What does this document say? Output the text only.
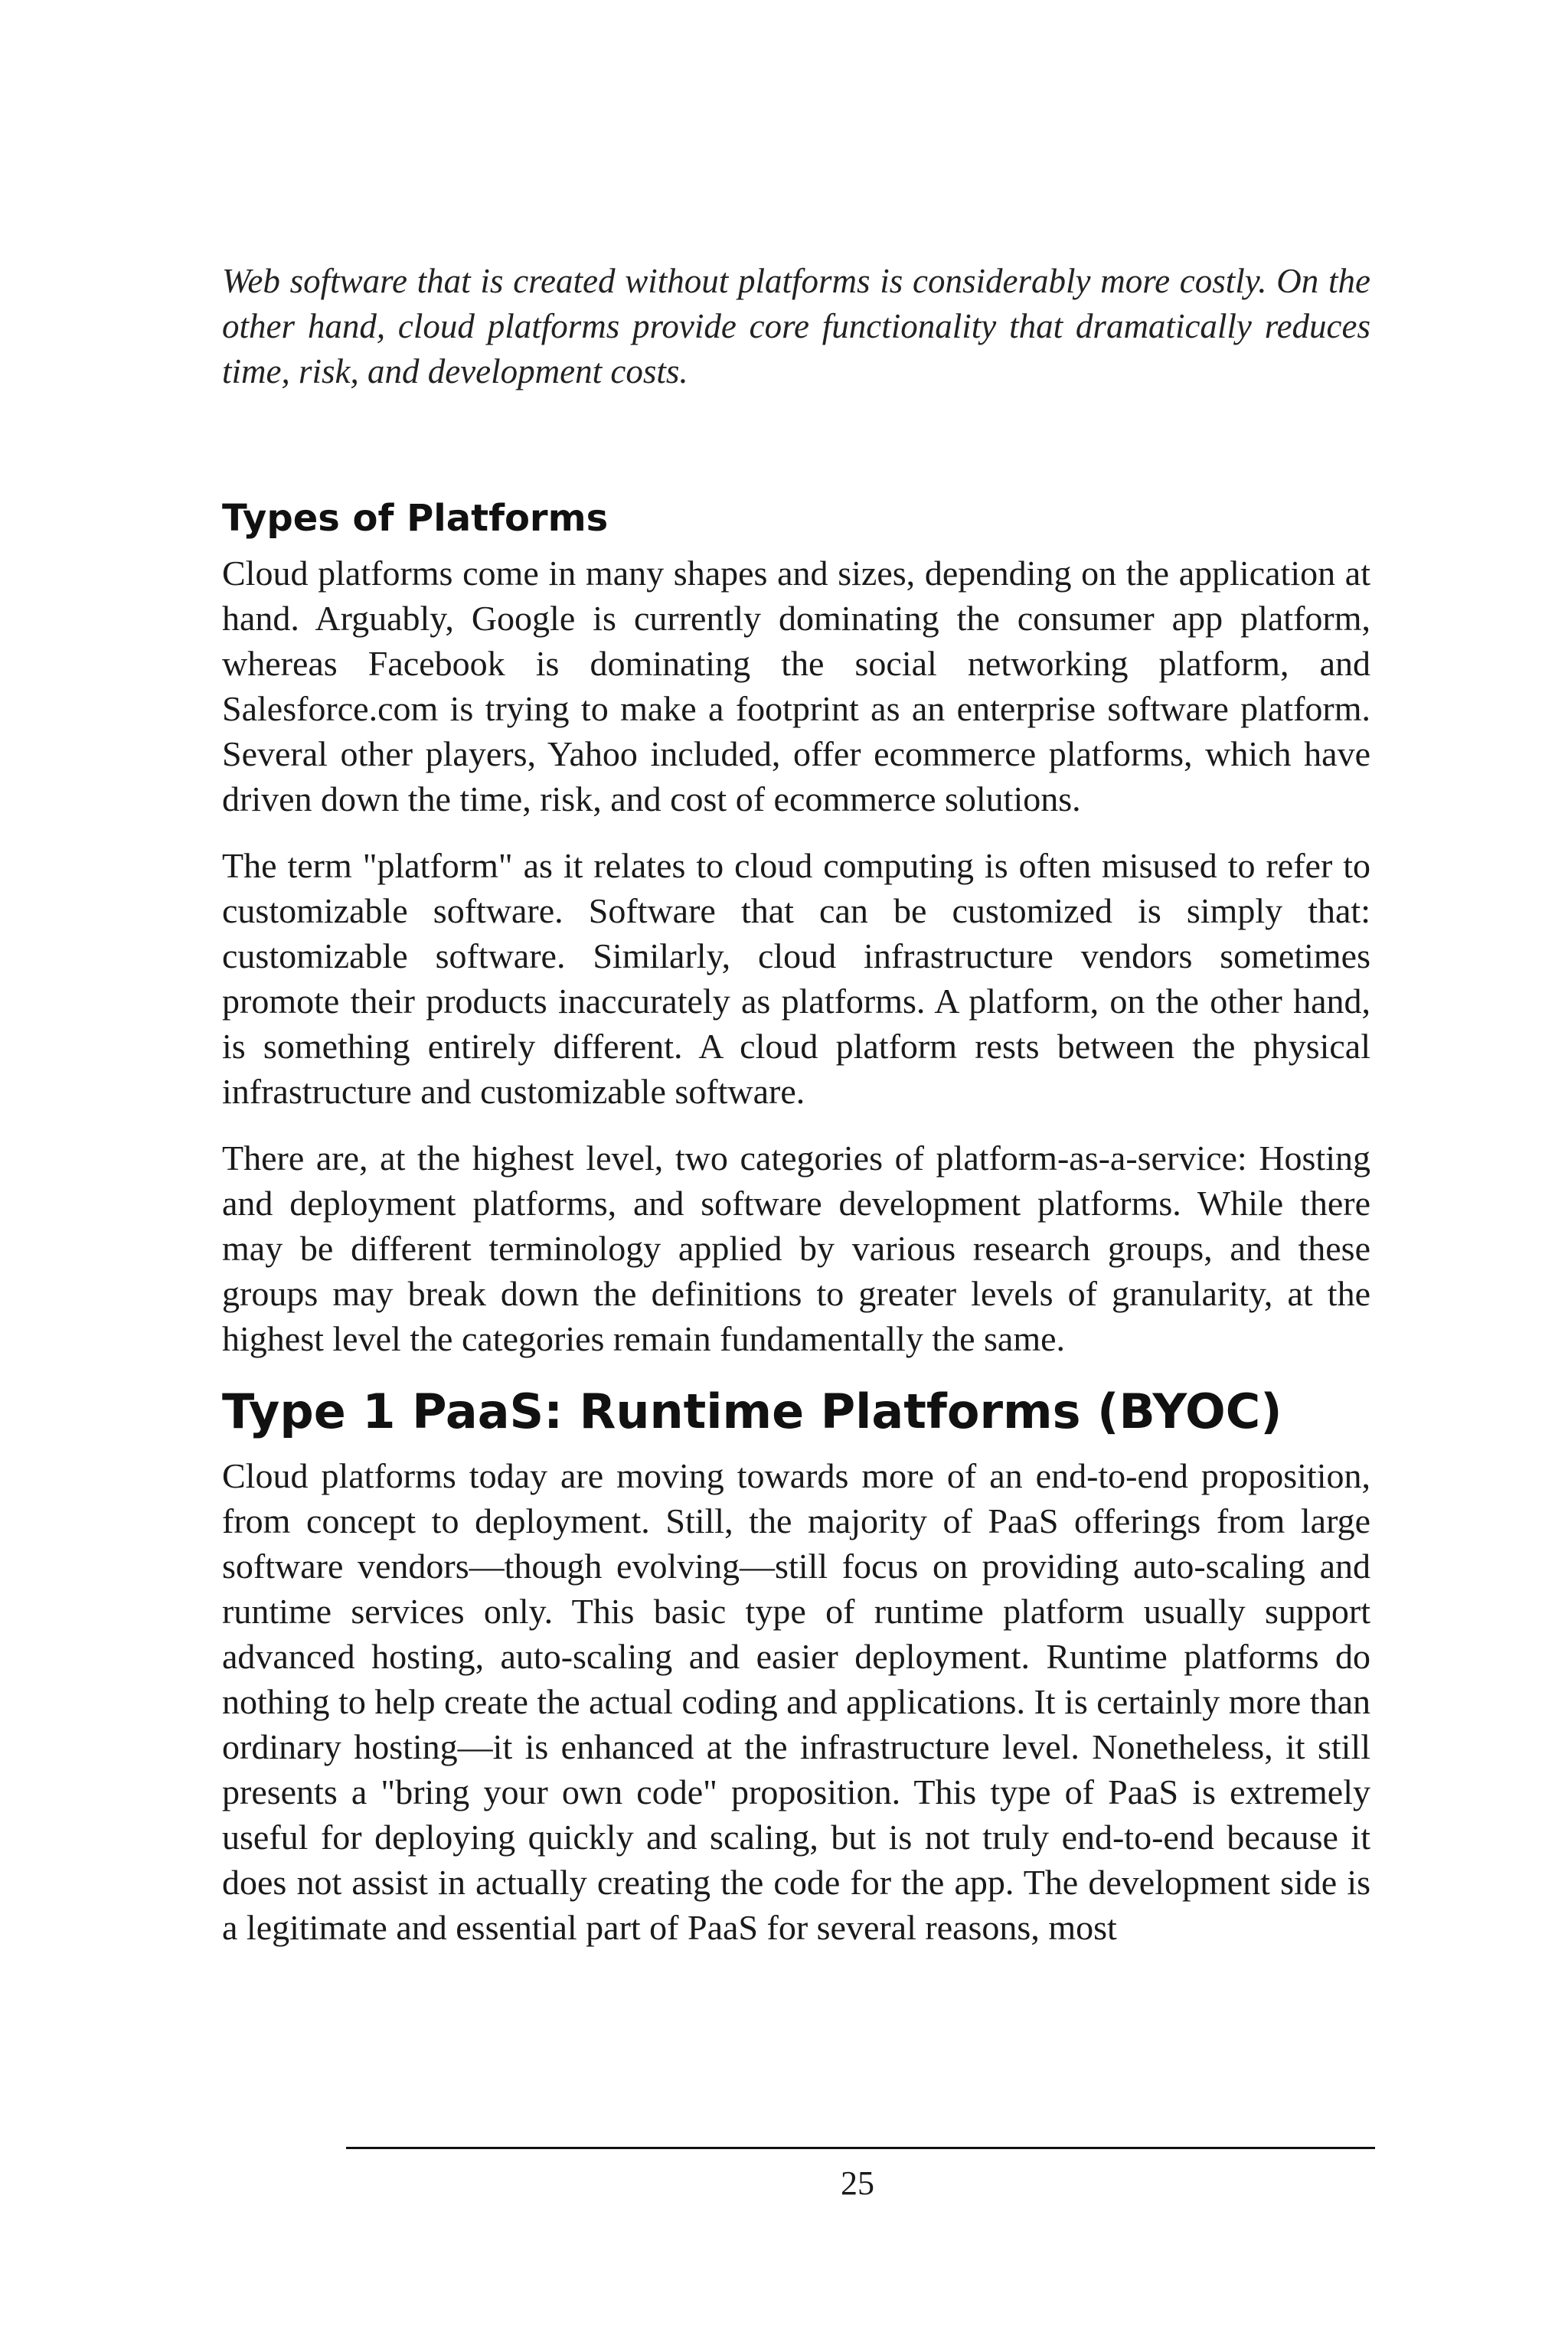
Web software that is created without platforms is considerably more costly. On the other hand, cloud platforms provide core functionality that dramatically reduces time, risk, and development costs.

Types of Platforms

Cloud platforms come in many shapes and sizes, depending on the application at hand. Arguably, Google is currently dominating the consumer app platform, whereas Facebook is dominating the social networking platform, and Salesforce.com is trying to make a footprint as an enterprise software platform. Several other players, Yahoo included, offer ecommerce platforms, which have driven down the time, risk, and cost of ecommerce solutions.

The term "platform" as it relates to cloud computing is often misused to refer to customizable software. Software that can be customized is simply that: customizable software. Similarly, cloud infrastructure vendors sometimes promote their products inaccurately as platforms. A platform, on the other hand, is something entirely different. A cloud platform rests between the physical infrastructure and customizable software.

There are, at the highest level, two categories of platform-as-a-service: Hosting and deployment platforms, and software development platforms. While there may be different terminology applied by various research groups, and these groups may break down the definitions to greater levels of granularity, at the highest level the categories remain fundamentally the same.

Type 1 PaaS: Runtime Platforms (BYOC)

Cloud platforms today are moving towards more of an end-to-end proposition, from concept to deployment. Still, the majority of PaaS offerings from large software vendors—though evolving—still focus on providing auto-scaling and runtime services only. This basic type of runtime platform usually support advanced hosting, auto-scaling and easier deployment. Runtime platforms do nothing to help create the actual coding and applications. It is certainly more than ordinary hosting—it is enhanced at the infrastructure level. Nonetheless, it still presents a "bring your own code" proposition. This type of PaaS is extremely useful for deploying quickly and scaling, but is not truly end-to-end because it does not assist in actually creating the code for the app. The development side is a legitimate and essential part of PaaS for several reasons, most

25
